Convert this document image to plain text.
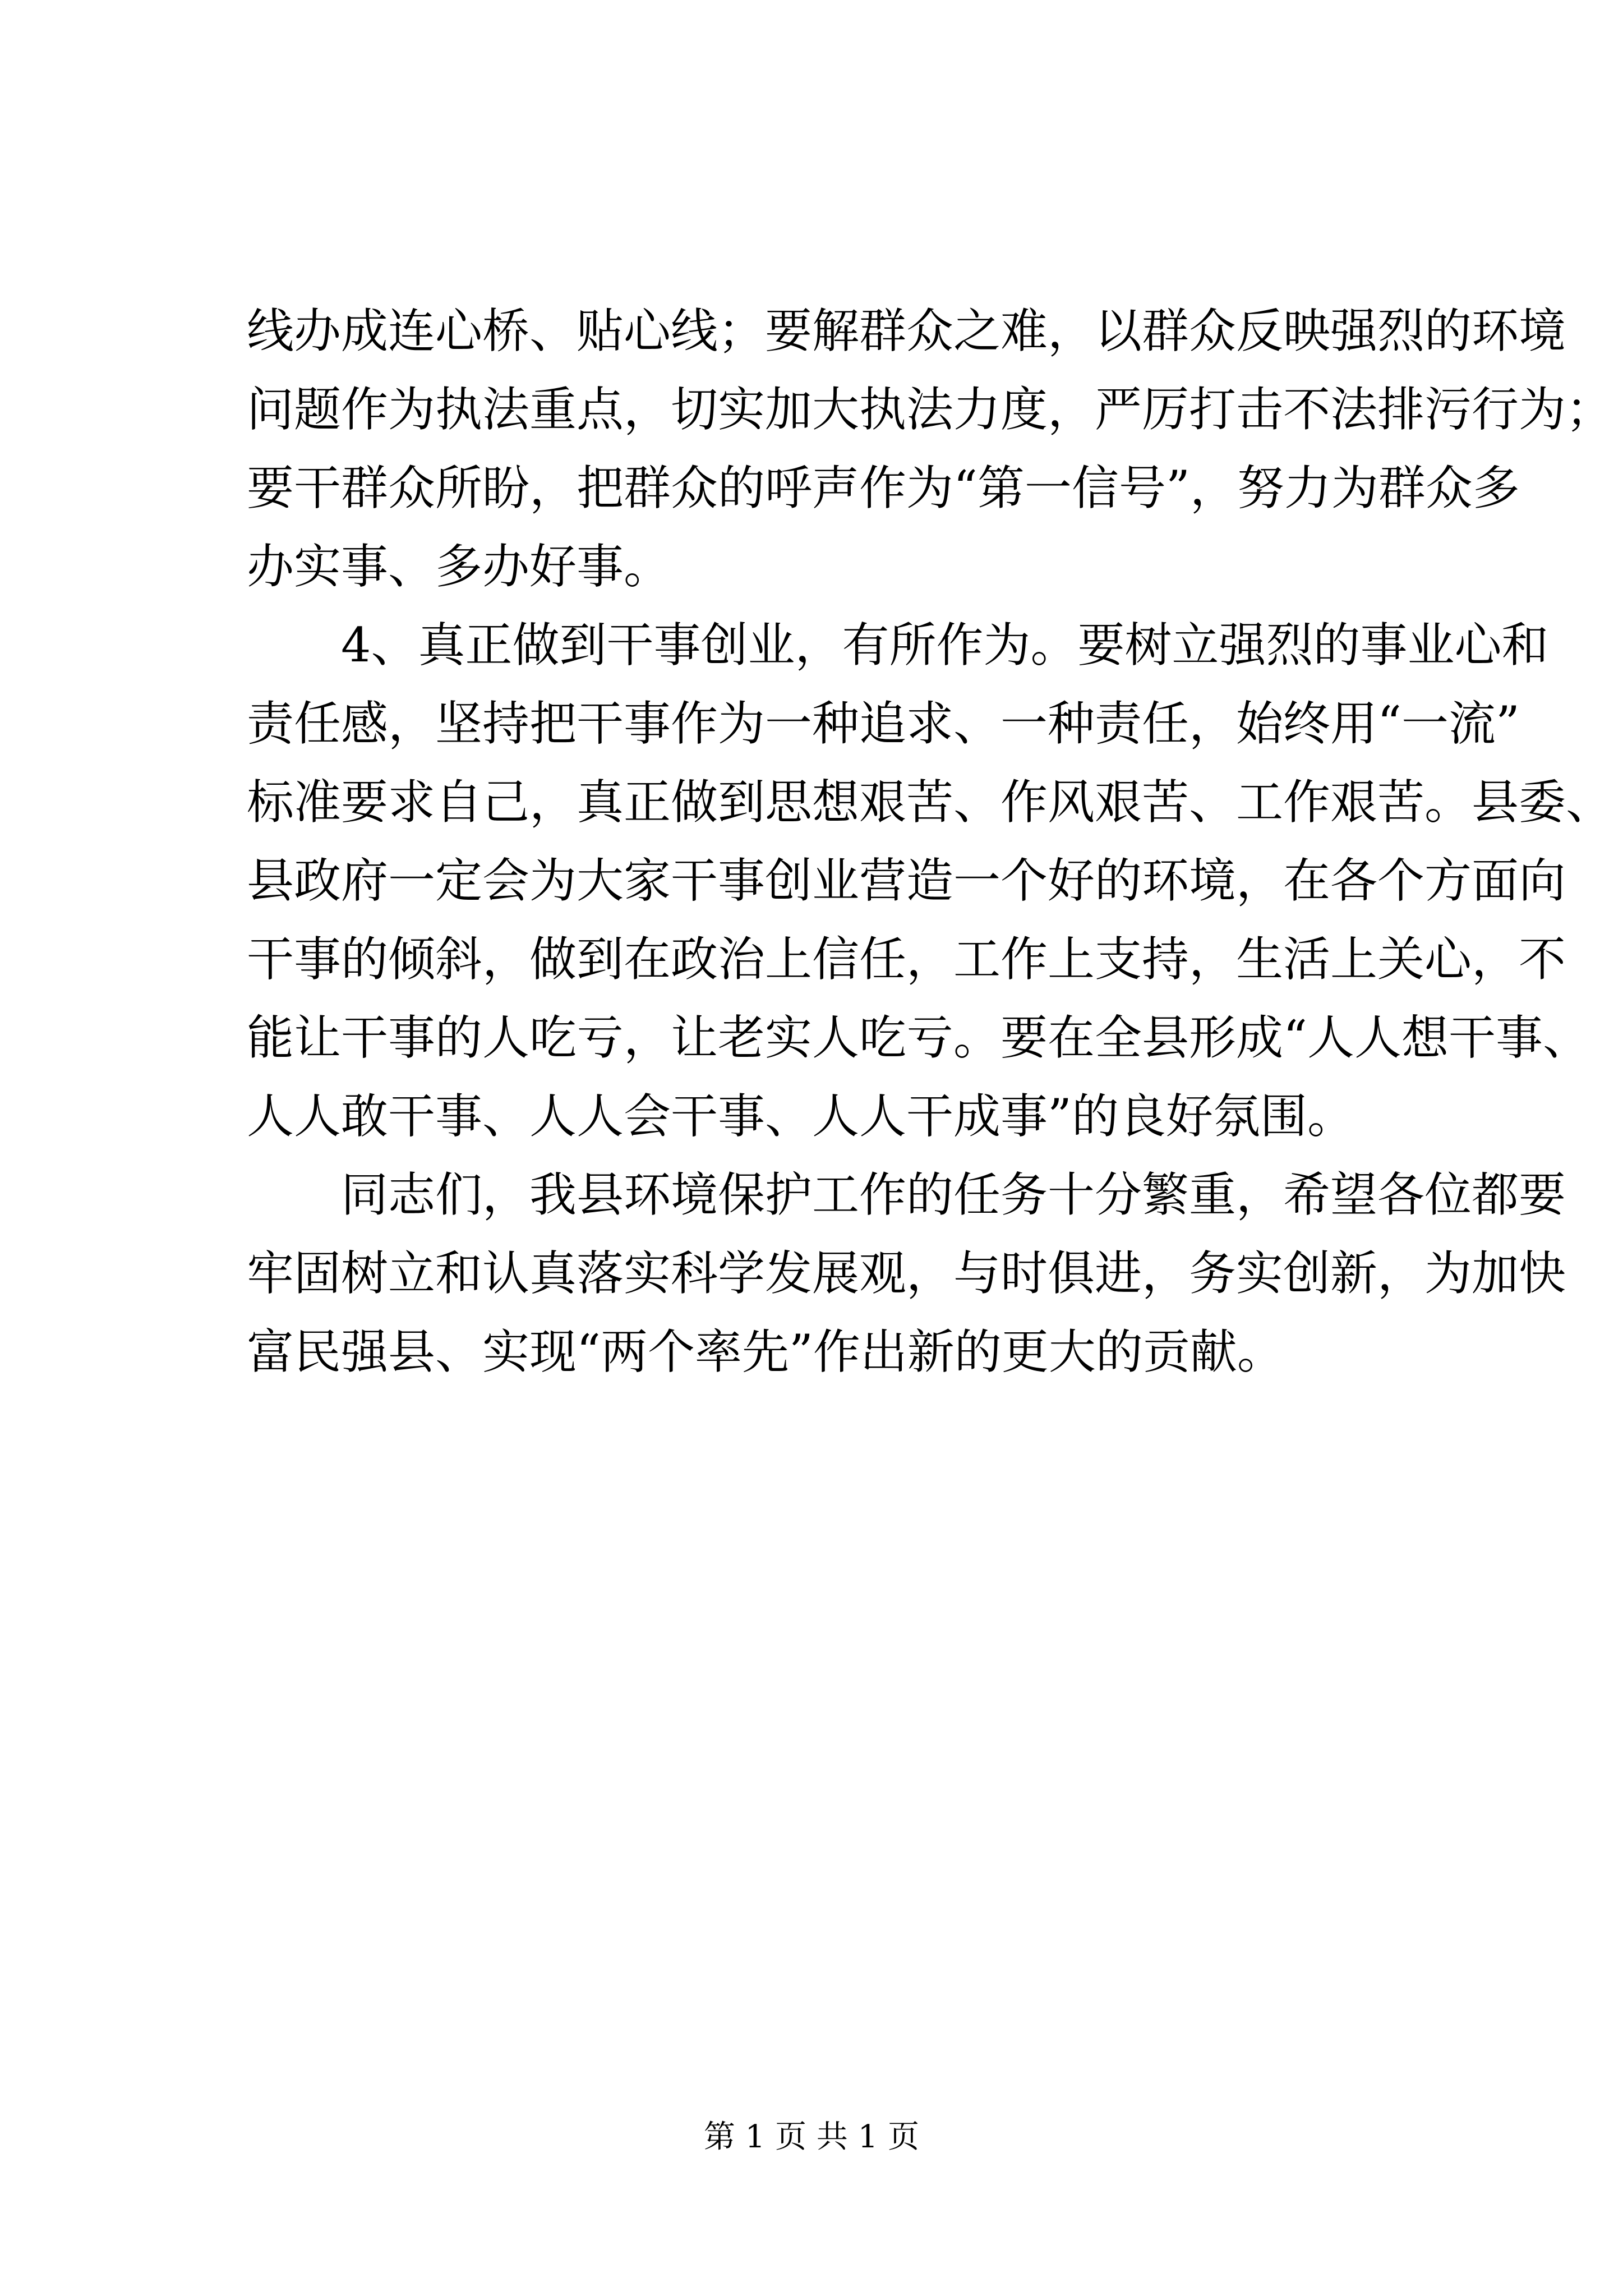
线办成连心桥、贴心线；要解群众之难，以群众反映强烈的环境
问题作为执法重点，切实加大执法力度，严厉打击不法排污行为；
要干群众所盼，把群众的呼声作为“第一信号”，努力为群众多
办实事、多办好事。
4、真正做到干事创业，有所作为。要树立强烈的事业心和
责任感，坚持把干事作为一种追求、一种责任，始终用“一流”
标准要求自己，真正做到思想艰苦、作风艰苦、工作艰苦。县委、
县政府一定会为大家干事创业营造一个好的环境，在各个方面向
干事的倾斜，做到在政治上信任，工作上支持，生活上关心，不
能让干事的人吃亏，让老实人吃亏。要在全县形成“人人想干事、
人人敢干事、人人会干事、人人干成事”的良好氛围。
同志们，我县环境保护工作的任务十分繁重，希望各位都要
牢固树立和认真落实科学发展观，与时俱进，务实创新，为加快
富民强县、实现“两个率先”作出新的更大的贡献。
第 1 页 共 1 页
